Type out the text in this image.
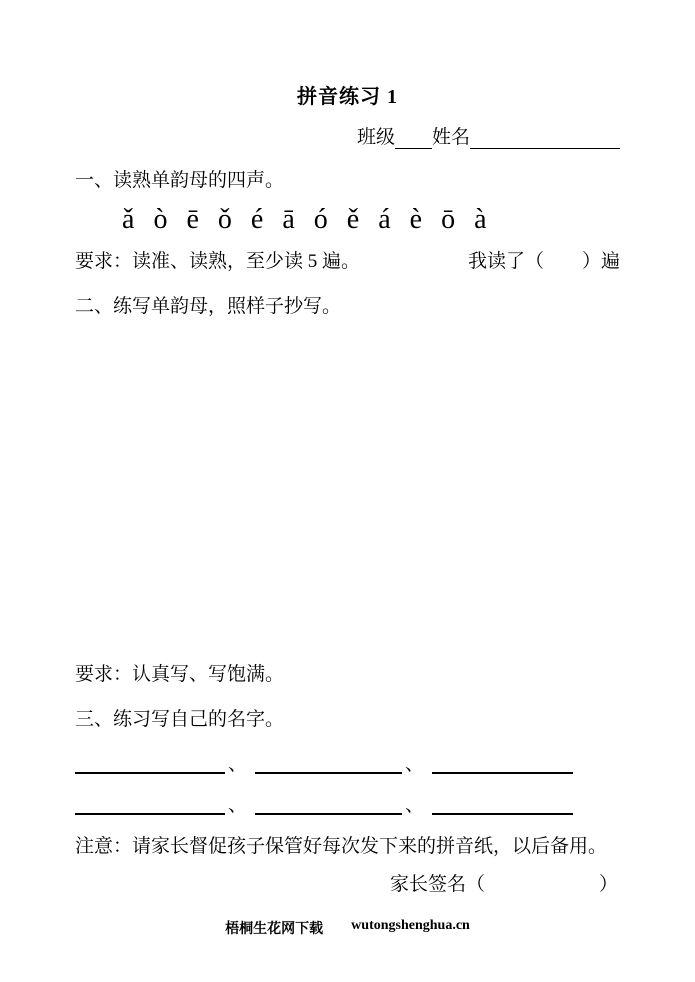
拼音练习 1
班级 姓名
一、读熟单韵母的四声。
ǎ ò ē ǒ é ā ó ě á è ō à
要求：读准、读熟，至少读 5 遍。	我读了（　　）遍
二、练写单韵母，照样子抄写。
要求：认真写、写饱满。
三、练习写自己的名字。
、	、
、	、
注意：请家长督促孩子保管好每次发下来的拼音纸，以后备用。
家长签名（　　　　　　）
梧桐生花网下载 wutongshenghua.cn
